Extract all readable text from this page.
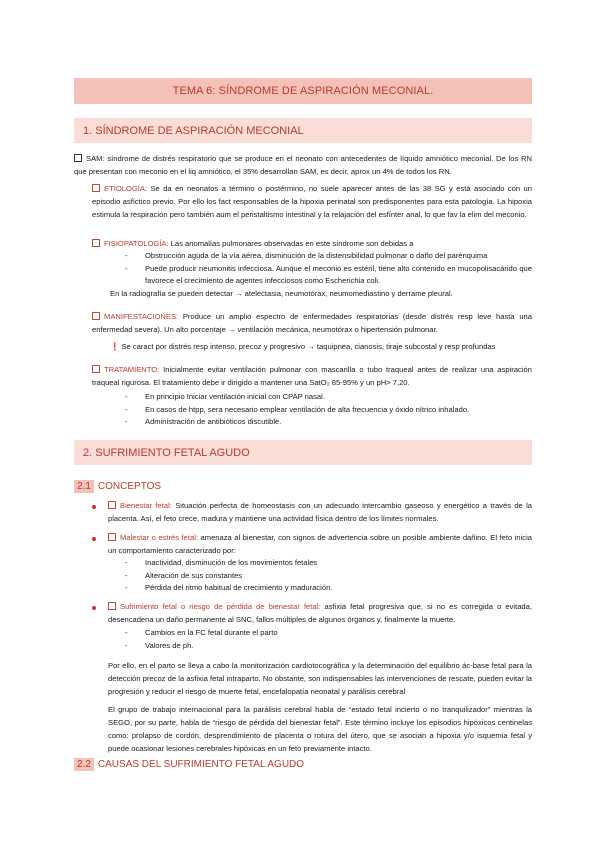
TEMA 6: SÍNDROME DE ASPIRACIÓN MECONIAL.
1. SÍNDROME DE ASPIRACIÓN MECONIAL

SAM: síndrome de distrés respiratorio que se produce en el neonato con antecedentes de líquido amniótico meconial. De los RN que presentan con meconio en el liq amniótico, el 35% desarrollan SAM, es decir, aprox un 4% de todos los RN.

ETIOLOGÍA: Se da en neonatos a término o postérmino, no suele aparecer antes de las 38 SG y está asociado con un episodio asfíctico previo. Por ello los fact responsables de la hipoxia perinatal son predisponentes para esta patología. La hipoxia estimula la respiración pero también aum el peristaltismo intestinal y la relajación del esfínter anal, lo que fav la elim del meconio.

FISIOPATOLOGÍA: Las anomalías pulmonares observadas en este síndrome son debidas a

- Obstrucción aguda de la vía aérea, disminución de la distensibilidad pulmonar o daño del parénquima
- Puede producir neumonitis infecciosa. Aunque el meconio es estéril, tiene alto contenido en mucopolisacárido que favorece el crecimiento de agentes infecciosos como Escherichia coli.

En la radiografía se pueden detectar → atelectasia, neumotórax, neumomediastino y derrame pleural.

MANIFESTACIONES: Produce un amplio espectro de enfermedades respiratorias (desde distrés resp leve hasta una enfermedad severa). Un alto porcentaje → ventilación mecánica, neumotórax o hipertensión pulmonar.

❗ Se caract por distrés resp intenso, precoz y progresivo → taquipnea, cianosis, tiraje subcostal y resp profundas

TRATAMIENTO: Inicialmente evitar ventilación pulmonar con mascarilla o tubo traqueal antes de realizar una aspiración traqueal rigurosa. El tratamiento debe ir dirigido a mantener una SatO₂ 85-95% y un pH> 7,20.

- En principio Iniciar ventilación inicial con CPAP nasal.
- En casos de htpp, sera necesario emplear ventilación de alta frecuencia y óxido nítrico inhalado.
- Administración de antibióticos discutible.
2. SUFRIMIENTO FETAL AGUDO
2.1 CONCEPTOS

Bienestar fetal: Situación perfecta de homeostasis con un adecuado intercambio gaseoso y energético a través de la placenta. Así, el feto crece, madura y mantiene una actividad física dentro de los límites normales.

Malestar o estrés fetal: amenaza al bienestar, con signos de advertencia sobre un posible ambiente dañino. El feto inicia un comportamiento caracterizado por:

- Inactividad, disminución de los movimientos fetales
- Alteración de sus constantes
- Pérdida del ritmo habitual de crecimiento y maduración.

Sufrimiento fetal o riesgo de pérdida de bienestar fetal: asfixia fetal progresiva que, si no es corregida o evitada, desencadena un daño permanente al SNC, fallos múltiples de algunos órganos y, finalmente la muerte.

- Cambios en la FC fetal durante el parto
- Valores de ph.

Por ello, en el parto se lleva a cabo la monitorización cardiotocográfica y la determinación del equilibrio ác-base fetal para la detección precoz de la asfixia fetal intraparto. No obstante, son indispensables las intervenciones de rescate, pueden evitar la progresión y reducir el riesgo de muerte fetal, encefalopatía neonatal y parálisis cerebral

El grupo de trabajo internacional para la parálisis cerebral habla de “estado fetal incierto o no tranquilizador” mientras la SEGO, por su parte, habla de “riesgo de pérdida del bienestar fetal”. Este término incluye los episodios hipóxicos centinelas como: prolapso de cordón, desprendimiento de placenta o rotura del útero, que se asocian a hipoxia y/o isquemia fetal y puede ocasionar lesiones cerebrales hipóxicas en un feto previamente intacto.

2.2 CAUSAS DEL SUFRIMIENTO FETAL AGUDO
